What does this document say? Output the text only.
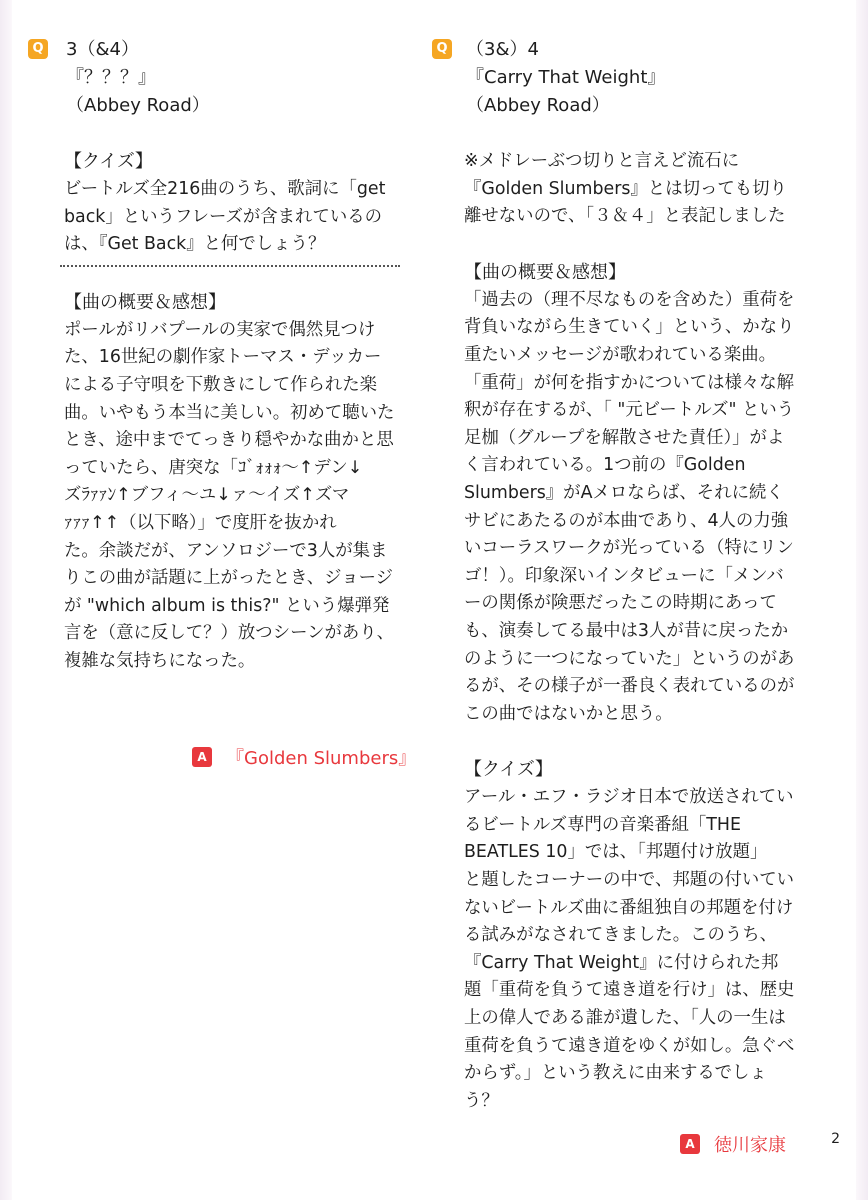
Q 3（&4）
『？？？』
（Abbey Road）
【クイズ】
ビートルズ全216曲のうち、歌詞に「get
back」というフレーズが含まれているの
は、『Get Back』と何でしょう？
【曲の概要＆感想】
ポールがリバプールの実家で偶然見つけ
た、16世紀の劇作家トーマス・デッカー
による子守唄を下敷きにして作られた楽
曲。いやもう本当に美しい。初めて聴いた
とき、途中までてっきり穏やかな曲かと思
っていたら、唐突な「ｺﾞｫｫｫ～↑デン↓
ズﾗｧｧﾝ↑ブフィ～ユ↓ァ～イズ↑ズマ
ｧｧｧ↑↑（以下略）」で度肝を抜かれ
た。余談だが、アンソロジーで3人が集ま
りこの曲が話題に上がったとき、ジョージ
が "which album is this?" という爆弾発
言を（意に反して？）放つシーンがあり、
複雑な気持ちになった。
A 『Golden Slumbers』
Q （3&）4
『Carry That Weight』
（Abbey Road）
※メドレーぶつ切りと言えど流石に
『Golden Slumbers』とは切っても切り
離せないので、「３＆４」と表記しました
【曲の概要＆感想】
「過去の（理不尽なものを含めた）重荷を
背負いながら生きていく」という、かなり
重たいメッセージが歌われている楽曲。
「重荷」が何を指すかについては様々な解
釈が存在するが、「 "元ビートルズ" という
足枷（グループを解散させた責任）」がよ
く言われている。1つ前の『Golden
Slumbers』がAメロならば、それに続く
サビにあたるのが本曲であり、4人の力強
いコーラスワークが光っている（特にリン
ゴ！）。印象深いインタビューに「メンバ
ーの関係が険悪だったこの時期にあって
も、演奏してる最中は3人が昔に戻ったか
のように一つになっていた」というのがあ
るが、その様子が一番良く表れているのが
この曲ではないかと思う。
【クイズ】
アール・エフ・ラジオ日本で放送されてい
るビートルズ専門の音楽番組「THE
BEATLES 10」では、「邦題付け放題」
と題したコーナーの中で、邦題の付いてい
ないビートルズ曲に番組独自の邦題を付け
る試みがなされてきました。このうち、
『Carry That Weight』に付けられた邦
題「重荷を負うて遠き道を行け」は、歴史
上の偉人である誰が遺した、「人の一生は
重荷を負うて遠き道をゆくが如し。急ぐべ
からず。」という教えに由来するでしょ
う？
A 徳川家康	2
